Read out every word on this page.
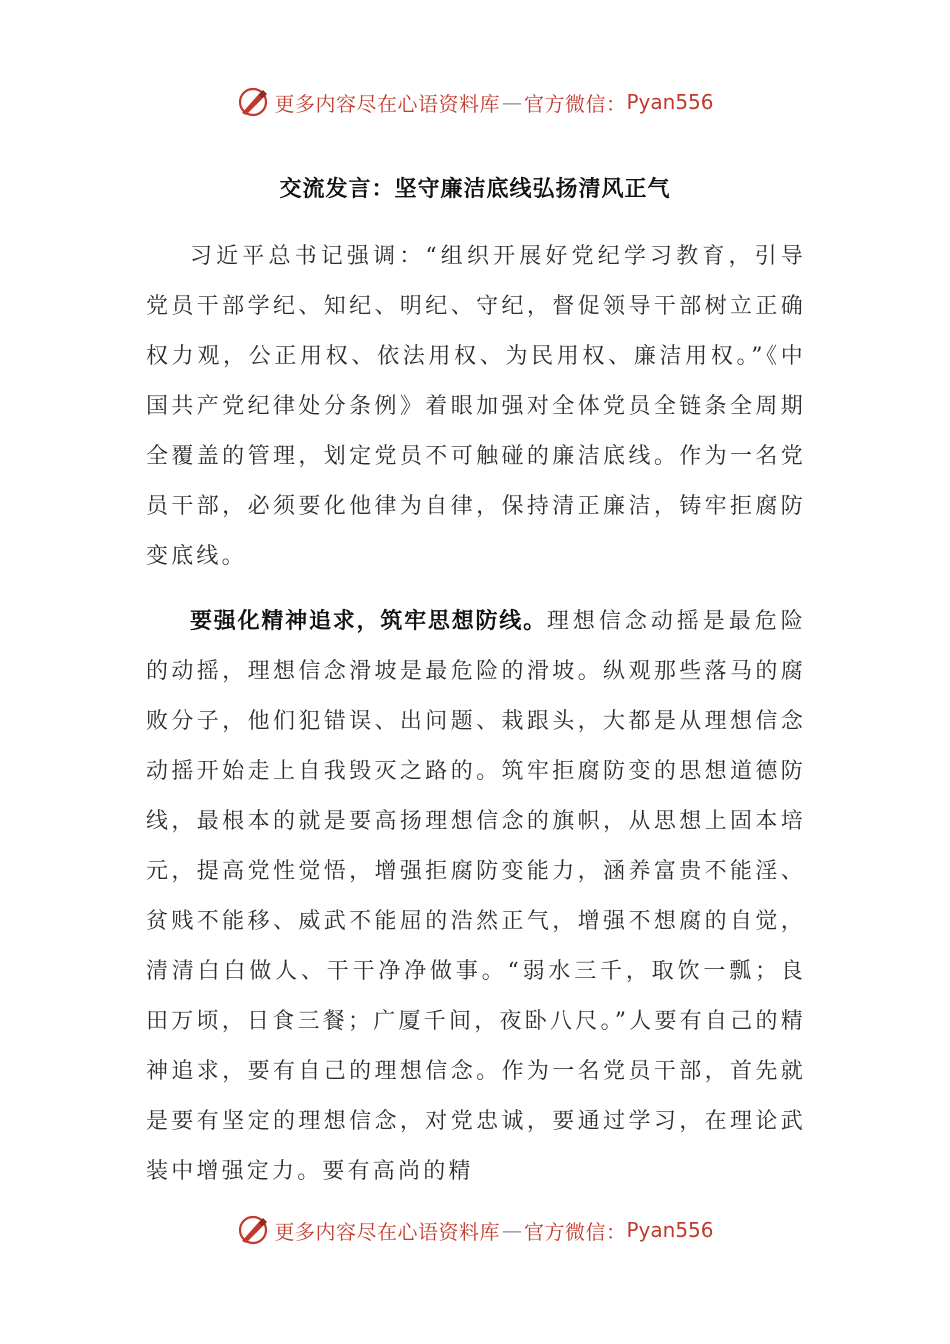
更多内容尽在心语资料库 — 官方微信： Pyan556
交流发言：坚守廉洁底线弘扬清风正气

习近平总书记强调：“组织开展好党纪学习教育，引导党员干部学纪、知纪、明纪、守纪，督促领导干部树立正确权力观，公正用权、依法用权、为民用权、廉洁用权。”《中国共产党纪律处分条例》着眼加强对全体党员全链条全周期全覆盖的管理，划定党员不可触碰的廉洁底线。作为一名党员干部，必须要化他律为自律，保持清正廉洁，铸牢拒腐防变底线。

要强化精神追求，筑牢思想防线。理想信念动摇是最危险的动摇，理想信念滑坡是最危险的滑坡。纵观那些落马的腐败分子，他们犯错误、出问题、栽跟头，大都是从理想信念动摇开始走上自我毁灭之路的。筑牢拒腐防变的思想道德防线，最根本的就是要高扬理想信念的旗帜，从思想上固本培元，提高党性觉悟，增强拒腐防变能力，涵养富贵不能淫、贫贱不能移、威武不能屈的浩然正气，增强不想腐的自觉，清清白白做人、干干净净做事。“弱水三千，取饮一瓢；良田万顷，日食三餐；广厦千间，夜卧八尺。”人要有自己的精神追求，要有自己的理想信念。作为一名党员干部，首先就是要有坚定的理想信念，对党忠诚，要通过学习，在理论武装中增强定力。要有高尚的精

更多内容尽在心语资料库 — 官方微信： Pyan556
